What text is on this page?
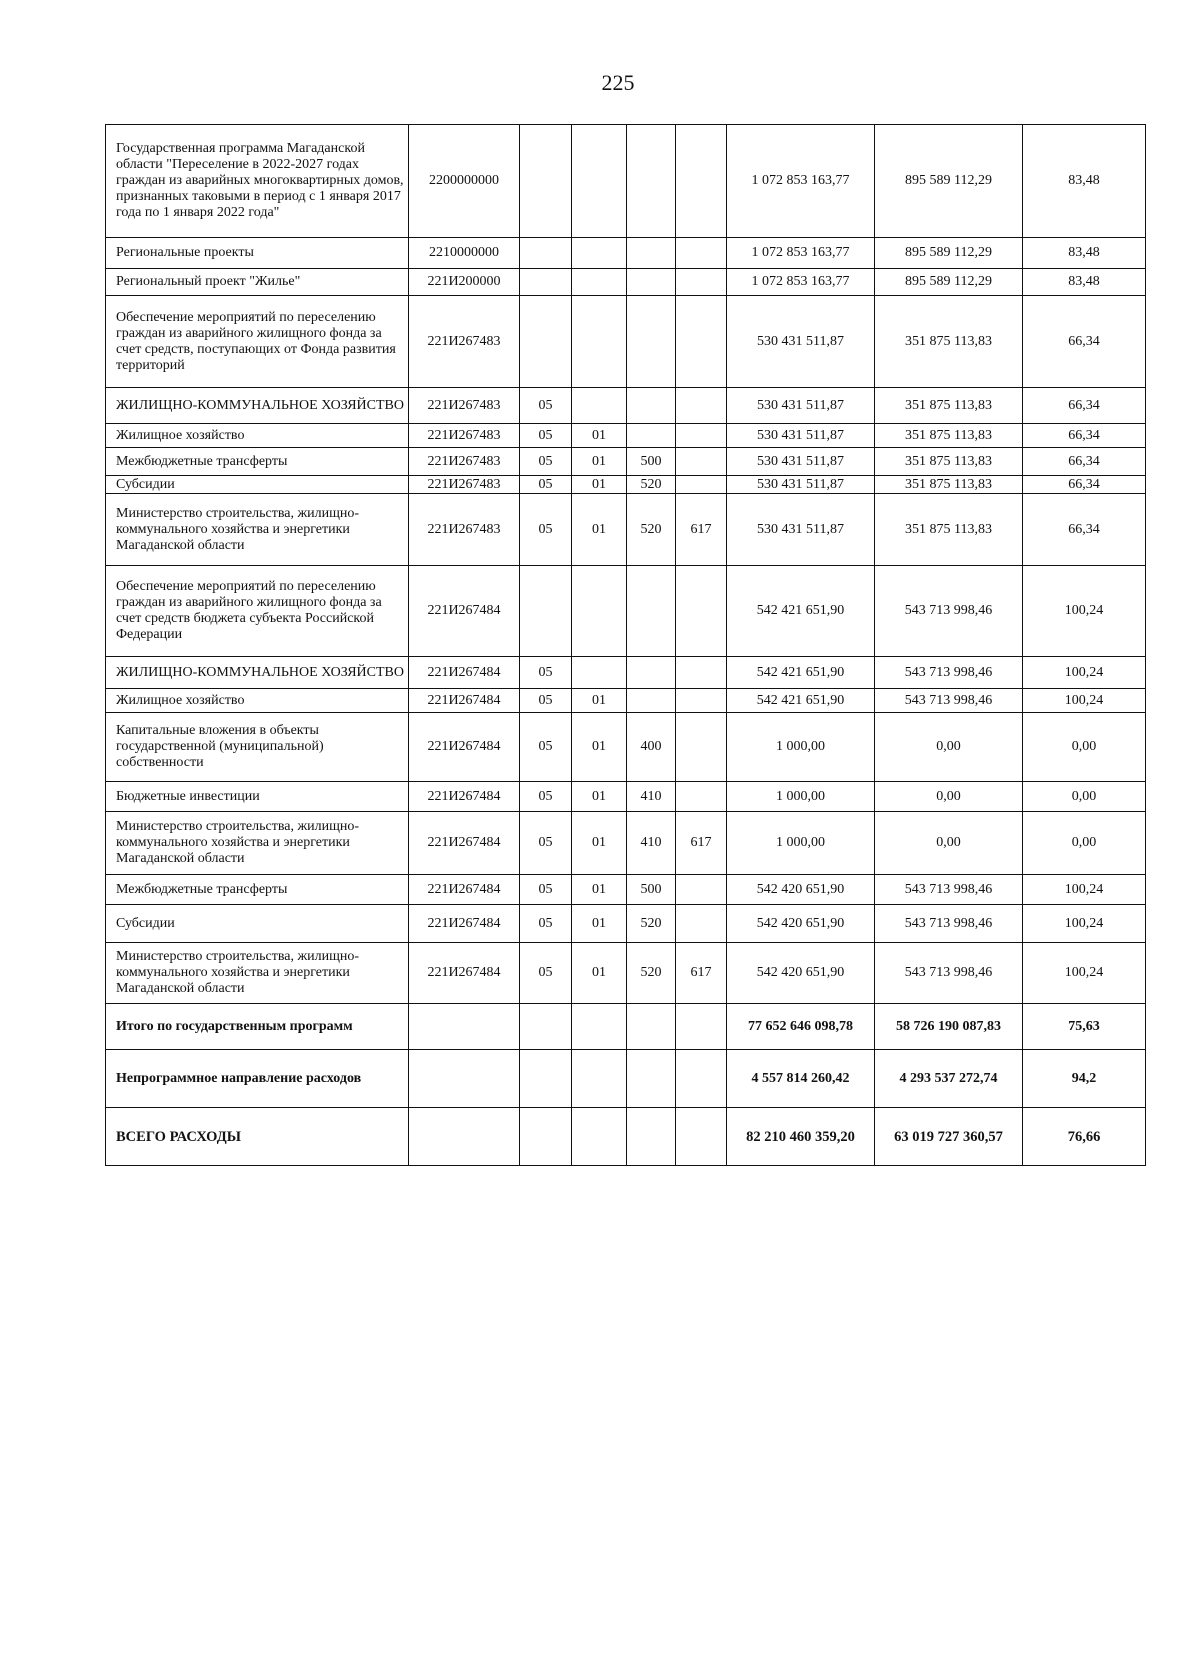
225
Государственная программа Магаданской области "Переселение в 2022-2027 годах граждан из аварийных многоквартирных домов, признанных таковыми в период с 1 января 2017 года по 1 января 2022 года"	2200000000					1 072 853 163,77	895 589 112,29	83,48
Региональные проекты	2210000000					1 072 853 163,77	895 589 112,29	83,48
Региональный проект "Жилье"	221И200000					1 072 853 163,77	895 589 112,29	83,48
Обеспечение мероприятий по переселению граждан из аварийного жилищного фонда за счет средств, поступающих от Фонда развития территорий	221И267483					530 431 511,87	351 875 113,83	66,34
ЖИЛИЩНО-КОММУНАЛЬНОЕ ХОЗЯЙСТВО	221И267483	05				530 431 511,87	351 875 113,83	66,34
Жилищное хозяйство	221И267483	05	01			530 431 511,87	351 875 113,83	66,34
Межбюджетные трансферты	221И267483	05	01	500		530 431 511,87	351 875 113,83	66,34
Субсидии	221И267483	05	01	520		530 431 511,87	351 875 113,83	66,34
Министерство строительства, жилищно-коммунального хозяйства и энергетики Магаданской области	221И267483	05	01	520	617	530 431 511,87	351 875 113,83	66,34
Обеспечение мероприятий по переселению граждан из аварийного жилищного фонда за счет средств бюджета субъекта Российской Федерации	221И267484					542 421 651,90	543 713 998,46	100,24
ЖИЛИЩНО-КОММУНАЛЬНОЕ ХОЗЯЙСТВО	221И267484	05				542 421 651,90	543 713 998,46	100,24
Жилищное хозяйство	221И267484	05	01			542 421 651,90	543 713 998,46	100,24
Капитальные вложения в объекты государственной (муниципальной) собственности	221И267484	05	01	400		1 000,00	0,00	0,00
Бюджетные инвестиции	221И267484	05	01	410		1 000,00	0,00	0,00
Министерство строительства, жилищно-коммунального хозяйства и энергетики Магаданской области	221И267484	05	01	410	617	1 000,00	0,00	0,00
Межбюджетные трансферты	221И267484	05	01	500		542 420 651,90	543 713 998,46	100,24
Субсидии	221И267484	05	01	520		542 420 651,90	543 713 998,46	100,24
Министерство строительства, жилищно-коммунального хозяйства и энергетики Магаданской области	221И267484	05	01	520	617	542 420 651,90	543 713 998,46	100,24
Итого по государственным программ						77 652 646 098,78	58 726 190 087,83	75,63
Непрограммное направление расходов						4 557 814 260,42	4 293 537 272,74	94,2
ВСЕГО РАСХОДЫ						82 210 460 359,20	63 019 727 360,57	76,66
